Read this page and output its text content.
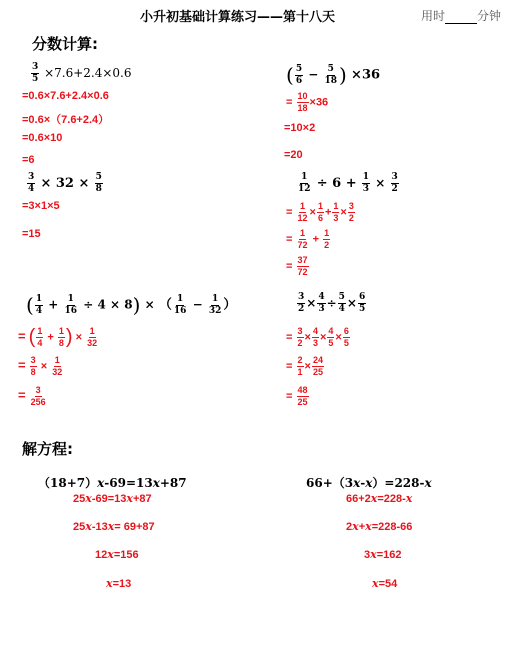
小升初基础计算练习——第十八天	用时	分钟
分数计算:
$\frac{3}{5} \times 7.6+2.4\times 0.6$
=0.6×7.6+2.4×0.6
=0.6×（7.6+2.4）
=0.6×10
=6
( $\frac{5}{6} - \frac{5}{18}$ ) ×36
= $\frac{10}{18} \times 36$
=10×2
=20
$\frac{3}{4} \times 32 \times \frac{5}{8}$
=3×1×5
=15
$\frac{1}{12} \div 6 + \frac{1}{3} \times \frac{3}{2}$
= $\frac{1}{12} \times \frac{1}{6} + \frac{1}{3} \times \frac{3}{2}$
= $\frac{1}{72} + \frac{1}{2}$
= $\frac{37}{72}$
( $\frac{1}{4} + \frac{1}{16} \div 4 \times 8$) × （ $\frac{1}{16} - \frac{1}{32}$ ）
= ( $\frac{1}{4} + \frac{1}{8}$ ) × $\frac{1}{32}$
= $\frac{3}{8} \times \frac{1}{32}$
= $\frac{3}{256}$
$\frac{3}{2} \times \frac{4}{3} \div \frac{5}{4} \times \frac{6}{5}$
= $\frac{3}{2} \times \frac{4}{3} \times \frac{4}{5} \times \frac{6}{5}$
= $\frac{2}{1} \times \frac{24}{25}$
= $\frac{48}{25}$
解方程:
（18+7）x-69=13x+87
25x-69=13x+87
25x-13x= 69+87
12x=156
x=13
66+（3x-x）=228-x
66+2x=228-x
2x+x=228-66
3x=162
x=54
